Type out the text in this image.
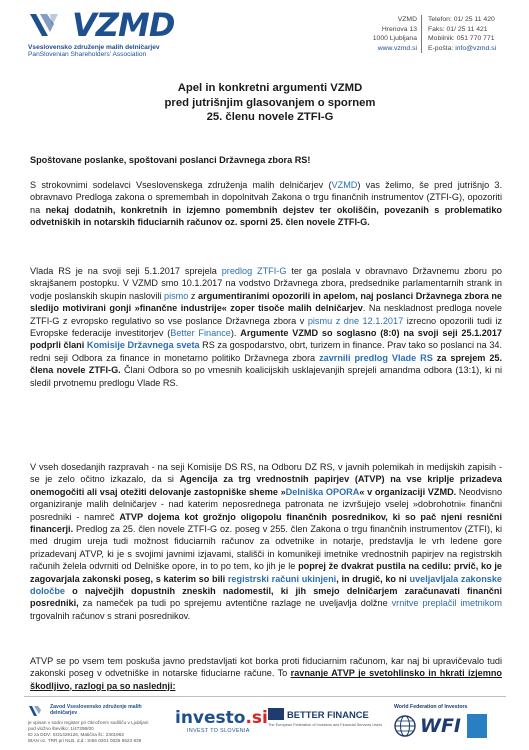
VZMD
Vseslovensko združenje malih delničarjev
PanSlovenian Shareholders' Association
VZMD
Hrenova 13
1000 Ljubljana
www.vzmd.si
Telefon: 01/ 25 11 420
Faks: 01/ 25 11 421
Mobilnik: 051 770 771
E-pošta: info@vzmd.si
Apel in konkretni argumenti VZMD
pred jutrišnjim glasovanjem o spornem
25. členu novele ZTFI-G
Spoštovane poslanke, spoštovani poslanci Državnega zbora RS!
S strokovnimi sodelavci Vseslovenskega združenja malih delničarjev (VZMD) vas želimo, še pred jutrišnjo 3. obravnavo Predloga zakona o spremembah in dopolnitvah Zakona o trgu finančnih instrumentov (ZTFI-G), opozoriti na nekaj dodatnih, konkretnih in izjemno pomembnih dejstev ter okoliščin, povezanih s problematiko odvetniških in notarskih fiduciarnih računov oz. sporni 25. člen novele ZTFI-G.
Vlada RS je na svoji seji 5.1.2017 sprejela predlog ZTFI-G ter ga poslala v obravnavo Državnemu zboru po skrajšanem postopku. V VZMD smo 10.1.2017 na vodstvo Državnega zbora, predsednike parlamentarnih strank in vodje poslanskih skupin naslovili pismo z argumentiranimi opozorili in apelom, naj poslanci Državnega zbora ne sledijo motivirani gonji »finančne industrije« zoper tisoče malih delničarjev. Na neskladnost predloga novele ZTFI-G z evropsko regulativo so vse poslance Državnega zbora v pismu z dne 12.1.2017 izrecno opozorili tudi iz Evropske federacije investitorjev (Better Finance). Argumente VZMD so soglasno (8:0) na svoji seji 25.1.2017 podprli člani Komisije Državnega sveta RS za gospodarstvo, obrt, turizem in finance. Prav tako so poslanci na 34. redni seji Odbora za finance in monetarno politiko Državnega zbora zavrnili predlog Vlade RS za sprejem 25. člena novele ZTFI-G. Člani Odbora so po vmesnih koalicijskih usklajevanjih sprejeli amandma odbora (13:1), ki ni sledil prvotnemu predlogu Vlade RS.
V vseh dosedanjih razpravah - na seji Komisije DS RS, na Odboru DZ RS, v javnih polemikah in medijskih zapisih - se je zelo očitno izkazalo, da si Agencija za trg vrednostnih papirjev (ATVP) na vse kriplje prizadeva onemogočiti ali vsaj otežiti delovanje zastopniške sheme »Delniška OPORA« v organizaciji VZMD. Neodvisno organiziranje malih delničarjev - nad katerim neposrednega patronata ne izvršujejo vselej »dobrohotni« finančni posredniki - namreč ATVP dojema kot grožnjo oligopolu finančnih posrednikov, ki so pač njeni resnični financerji. Predlog za 25. člen novele ZTFI-G oz. poseg v 255. člen Zakona o trgu finančnih instrumentov (ZTFI), ki med drugim ureja tudi možnost fiduciarnih računov za odvetnike in notarje, predstavlja le vrh ledene gore prizadevanj ATVP, ki je s svojimi javnimi izjavami, stališči in komunikeji imetnike vrednostnih papirjev na registrskih računih želela odvrniti od Delniške opore, in to po tem, ko jih je le poprej že dvakrat pustila na cedilu: prvič, ko je zagovarjala zakonski poseg, s katerim so bili registrski računi ukinjeni, in drugič, ko ni uveljavljala zakonske določbe o največjih dopustnih zneskih nadomestil, ki jih smejo delničarjem zaračunavati finančni posredniki, za nameček pa tudi po sprejemu avtentične razlage ne uveljavlja dolžne vrnitve preplačil imetnikom trgovalnih računov s strani posrednikov.
ATVP se po vsem tem poskuša javno predstavljati kot borka proti fiduciarnim računom, kar naj bi upravičevalo tudi zakonski poseg v odvetniške in notarske fiduciarne račune. To ravnanje ATVP je svetohlinsko in hkrati izjemno škodljivo, razlogi pa so naslednji:
Zavod Vseslovensko združenje malih delničarjev
je vpisan v sodni register pri Okrožnem sodišču v Ljubljani
pod vložno številko: 1/47298/00
ID za DDV: SI31429126, Matična št.: 2301962
IBAN oz. TRR pri NLB, d.d.: SI56 0201 0025 8523 839
investo.si
INVEST TO SLOVENIA
BETTER FINANCE
The European Federation of Investors and Financial Services Users
World Federation of Investors
WFI
